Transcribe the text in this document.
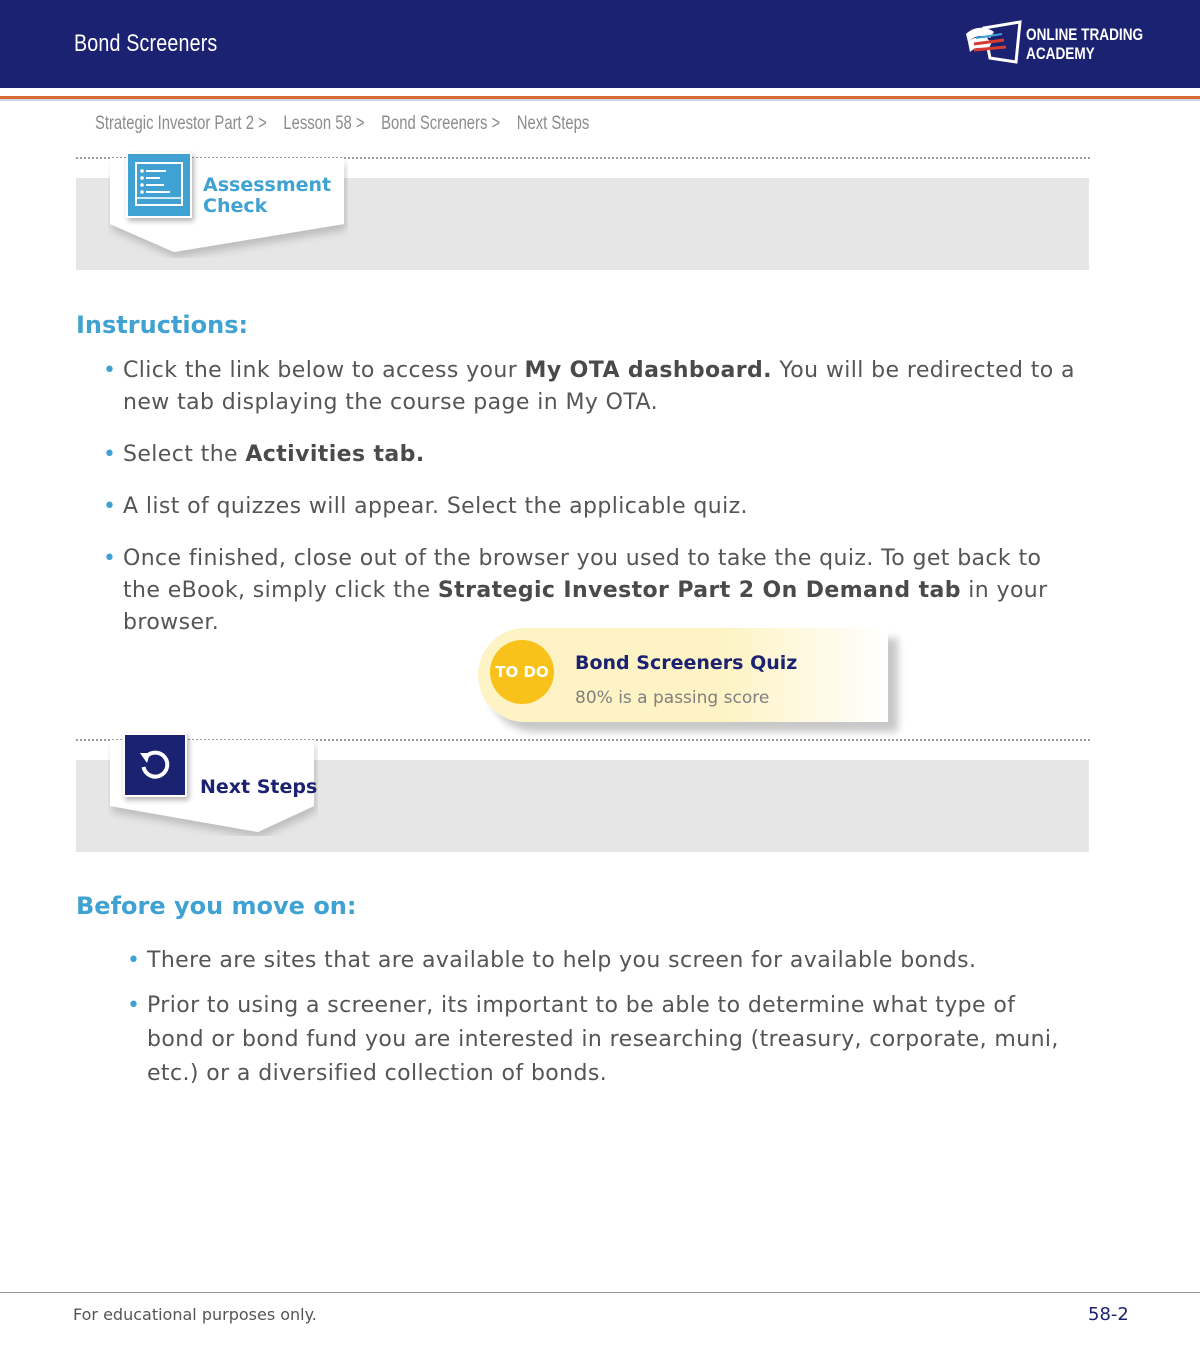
Bond Screeners	ONLINE TRADING
ACADEMY
Strategic Investor Part 2 > Lesson 58 > Bond Screeners > Next Steps
Assessment
Check
Instructions:
• Click the link below to access your My OTA dashboard. You will be redirected to a new tab displaying the course page in My OTA.
• Select the Activities tab.
• A list of quizzes will appear. Select the applicable quiz.
• Once finished, close out of the browser you used to take the quiz. To get back to the eBook, simply click the Strategic Investor Part 2 On Demand tab in your browser.
TO DO Bond Screeners Quiz
80% is a passing score
Next Steps
Before you move on:
• There are sites that are available to help you screen for available bonds.
• Prior to using a screener, its important to be able to determine what type of bond or bond fund you are interested in researching (treasury, corporate, muni, etc.) or a diversified collection of bonds.
For educational purposes only.	58-2
